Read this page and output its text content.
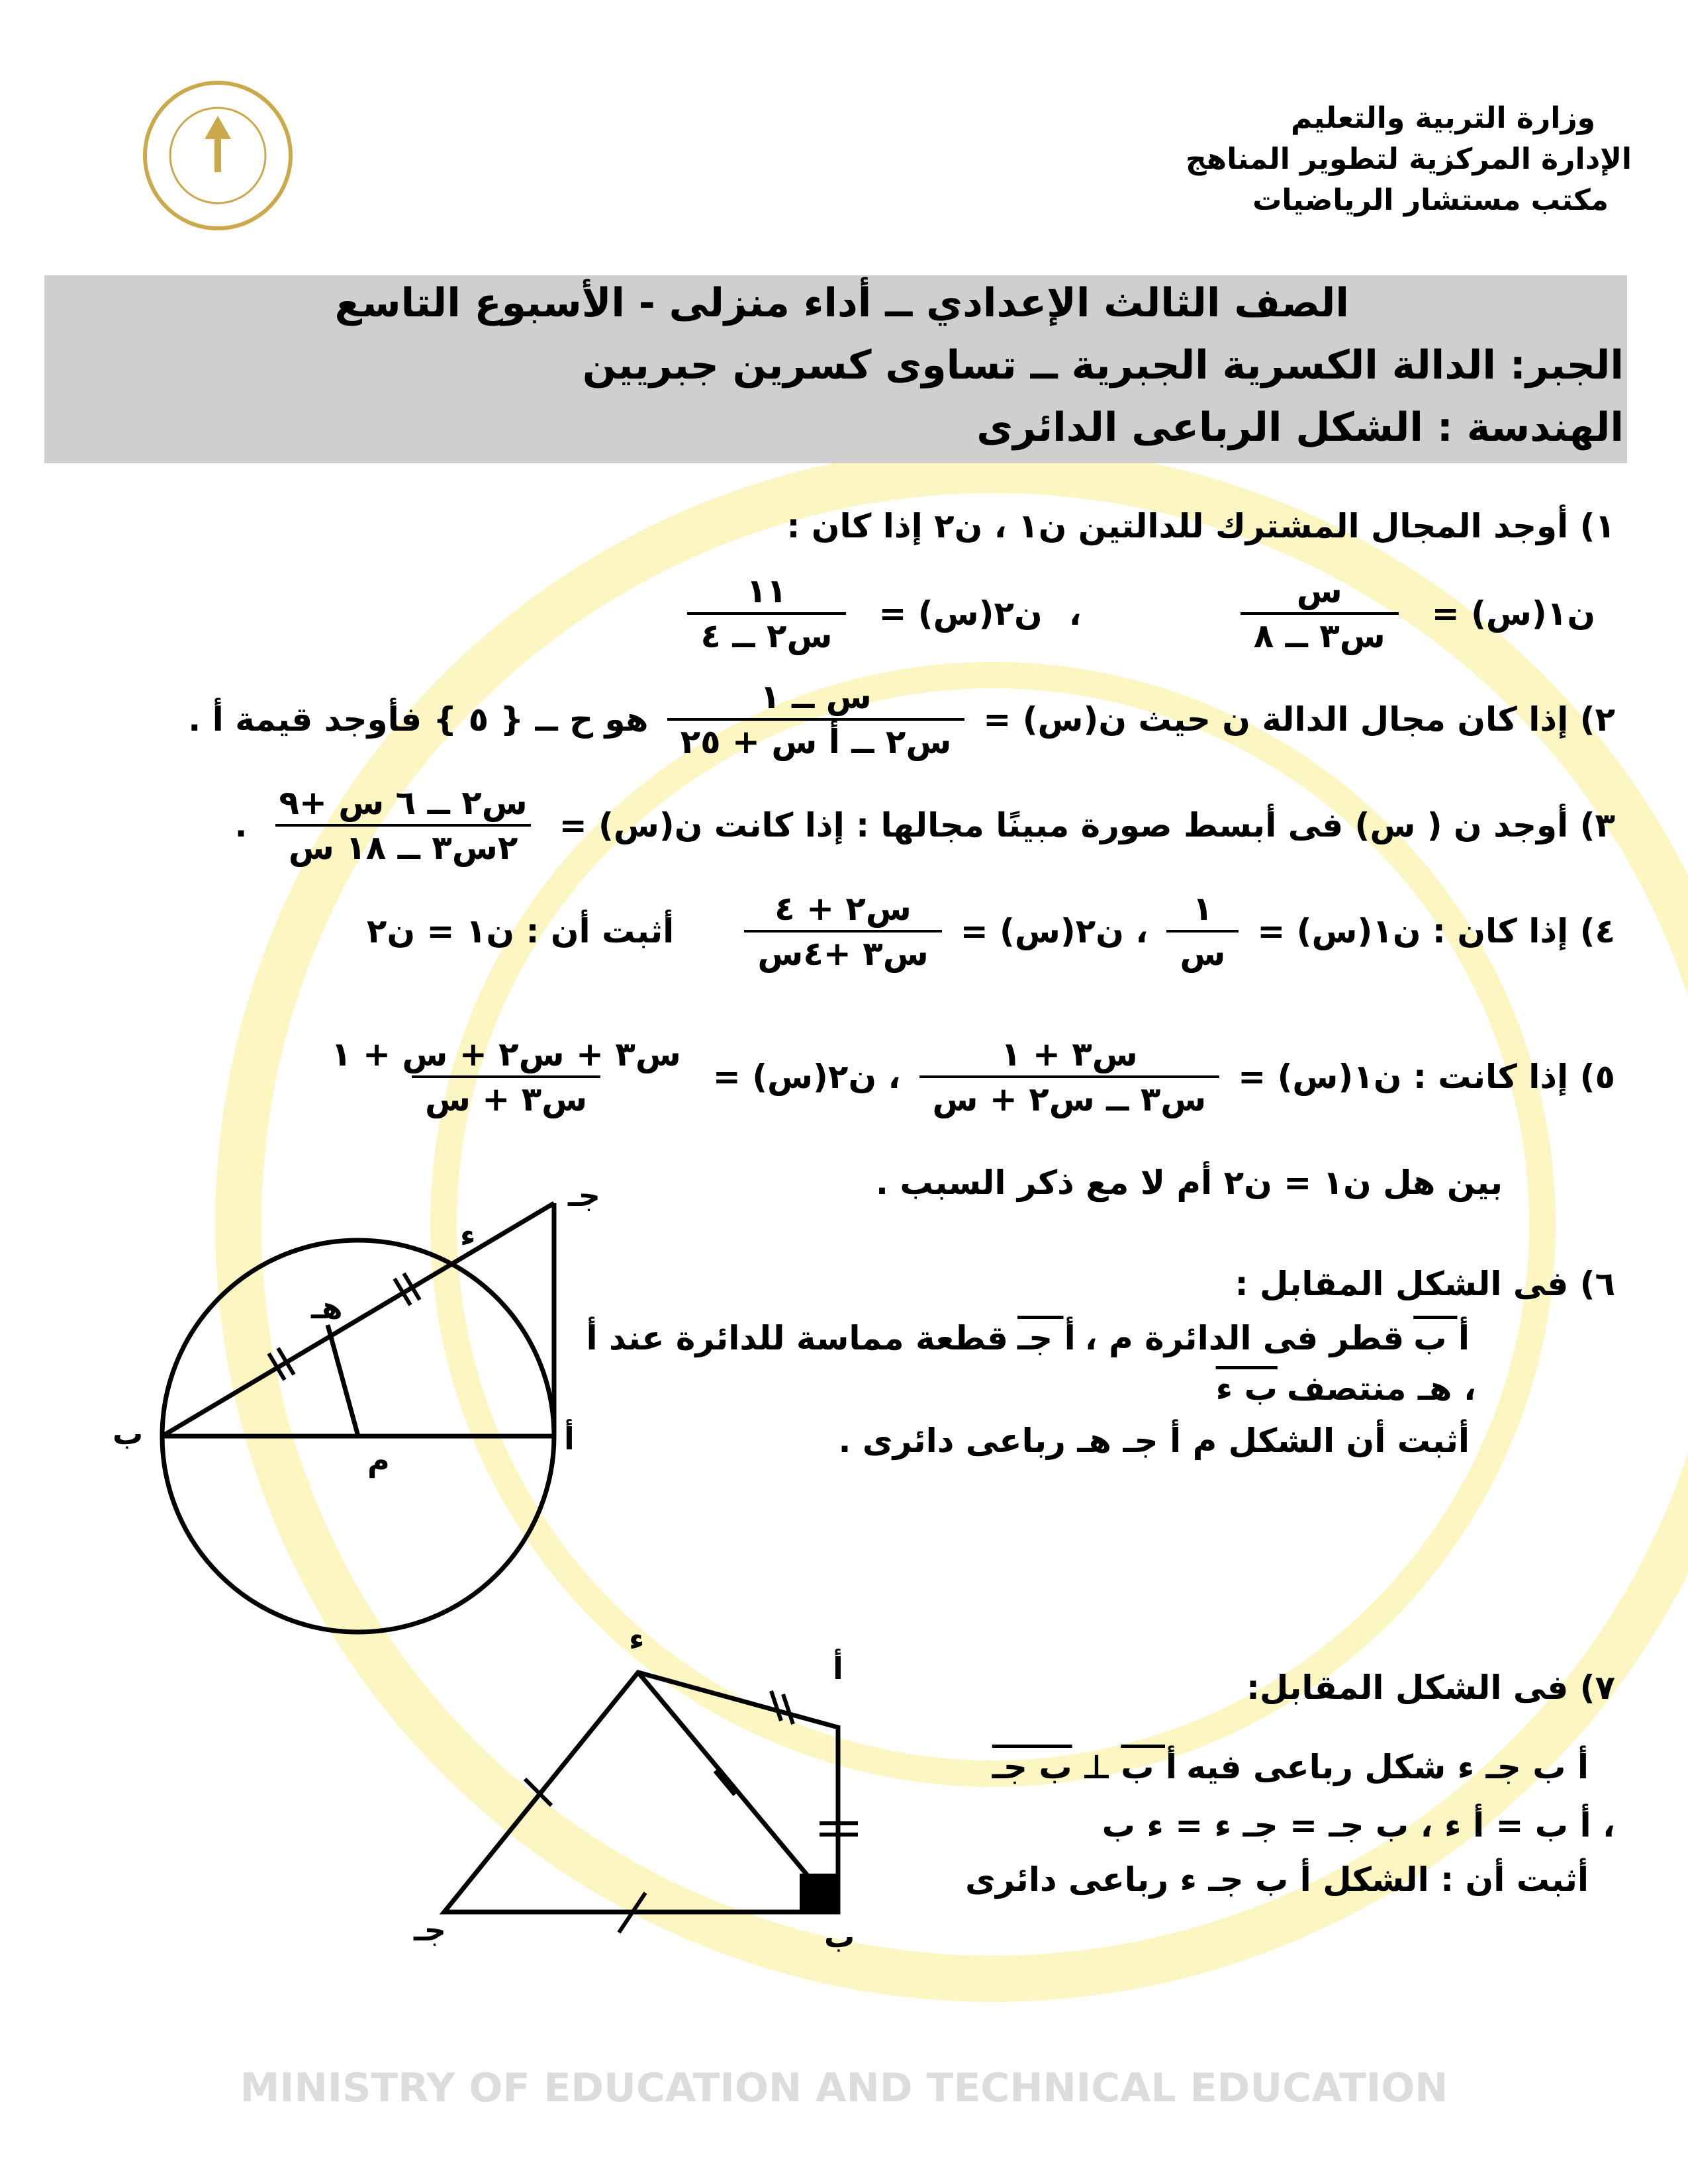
MINISTRY OF EDUCATION AND TECHNICAL EDUCATION
وزارة التربية والتعليم
الإدارة المركزية لتطوير المناهج
مكتب مستشار الرياضيات
الصف الثالث الإعدادي ــ أداء منزلى - الأسبوع التاسع
الجبر: الدالة الكسرية الجبرية ــ تساوى كسرين جبريين
الهندسة : الشكل الرباعى الدائرى
١) أوجد المجال المشترك للدالتين ن١ ، ن٢ إذا كان :
ن١(س) =
$\frac{\text{س}}{\text{س٣ ــ ٨}}$
،
ن٢(س) =
$\frac{١١}{\text{س٢ ــ ٤}}$
٢) إذا كان مجال الدالة ن حيث ن(س) =
$\frac{\text{س ــ ١}}{\text{س٢ ــ أ س + ٢٥}}$
هو ح ــ { ٥ } فأوجد قيمة أ .
٣) أوجد ن ( س) فى أبسط صورة مبينًا مجالها : إذا كانت ن(س) =
$\frac{\text{س٢ ــ ٦ س +٩}}{\text{٢س٣ ــ ١٨ س}}$
.
٤) إذا كان : ن١(س) =
$\frac{١}{\text{س}}$
، ن٢(س) =
$\frac{\text{س٢ + ٤}}{\text{س٣ +٤س}}$
أثبت أن : ن١ = ن٢
٥) إذا كانت : ن١(س) =
$\frac{\text{س٣ + ١}}{\text{س٣ ــ س٢ + س}}$
، ن٢(س) =
$\frac{\text{س٣ + س٢ + س + ١}}{\text{س٣ + س}}$
بين هل ن١ = ن٢ أم لا مع ذكر السبب .
٦) فى الشكل المقابل :
أ ب
قطر فى الدائرة م ،
أ جـ
قطعة مماسة للدائرة عند أ
، هـ منتصف
ب ء
أثبت أن الشكل م أ جـ هـ رباعى دائرى .
ب	أ
جـ
ء
هـ
م
٧) فى الشكل المقابل:
أ ب جـ ء شكل رباعى فيه
أ ب
⊥
ب جـ
، أ ب = أ ء ، ب جـ = جـ ء = ء ب
أثبت أن : الشكل أ ب جـ ء رباعى دائرى
ء
أ
ب
جـ
